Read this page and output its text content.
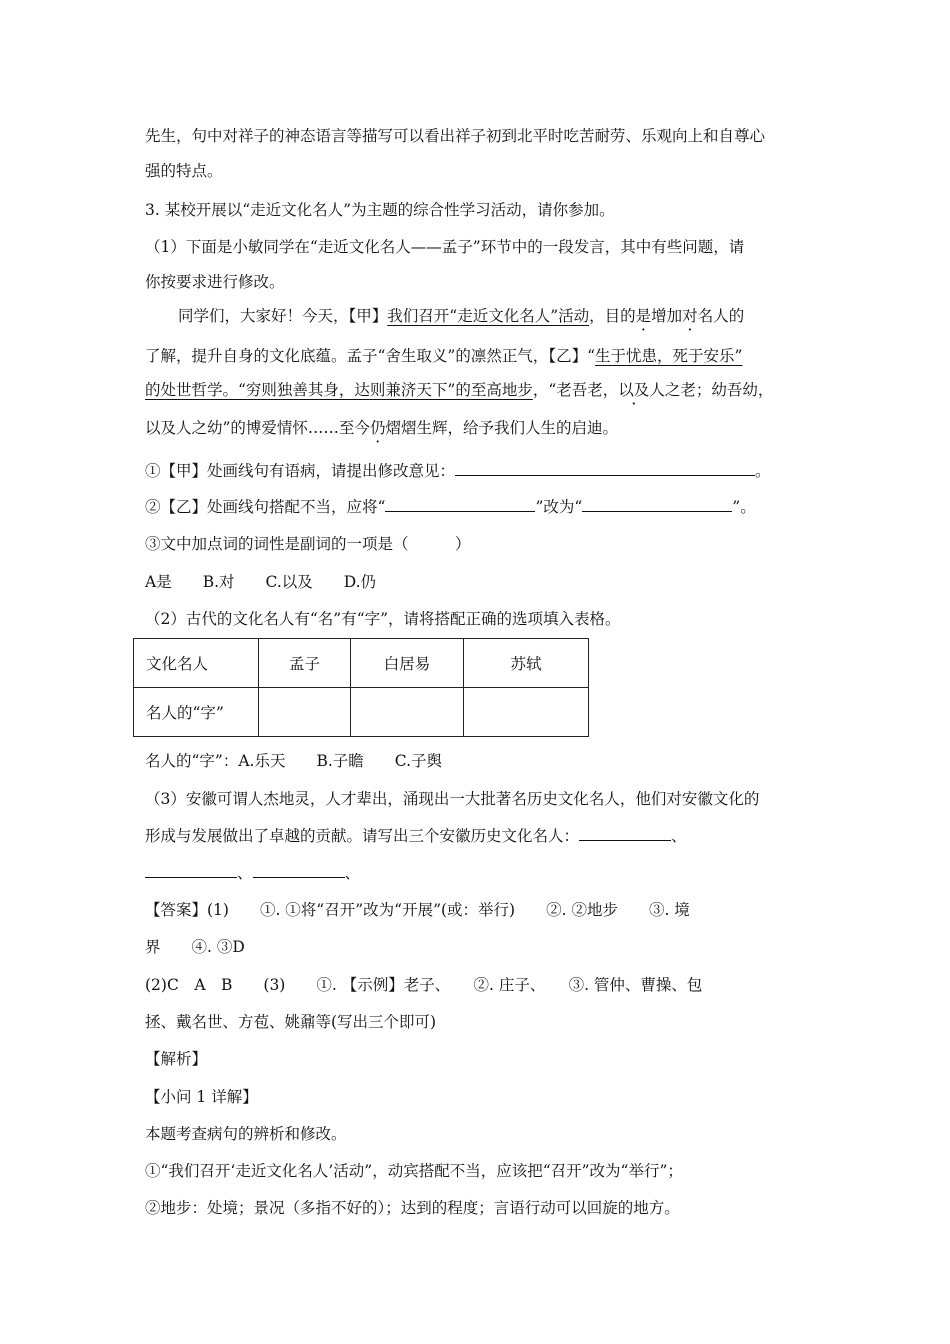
先生，句中对祥子的神态语言等描写可以看出祥子初到北平时吃苦耐劳、乐观向上和自尊心
强的特点。
3. 某校开展以“走近文化名人”为主题的综合性学习活动，请你参加。
（1）下面是小敏同学在“走近文化名人——孟子”环节中的一段发言，其中有些问题，请
你按要求进行修改。
同学们，大家好！今天，【甲】我们召开“走近文化名人”活动，目的是增加对名人的
了解，提升自身的文化底蕴。孟子“舍生取义”的凛然正气，【乙】“生于忧患，死于安乐”
的处世哲学。“穷则独善其身，达则兼济天下”的至高地步，“老吾老，以及人之老；幼吾幼，
以及人之幼”的博爱情怀……至今仍熠熠生辉，给予我们人生的启迪。
①【甲】处画线句有语病，请提出修改意见：	。
②【乙】处画线句搭配不当，应将“	”改为“	”。
③文中加点词的词性是副词的一项是（　　　）
A是　　B.对　　C.以及　　D.仍
（2）古代的文化名人有“名”有“字”，请将搭配正确的选项填入表格。
文化名人	孟子	白居易	苏轼
名人的“字”			
名人的“字”：A.乐天　　B.子瞻　　C.子舆
（3）安徽可谓人杰地灵，人才辈出，涌现出一大批著名历史文化名人，他们对安徽文化的
形成与发展做出了卓越的贡献。请写出三个安徽历史文化名人：	、
、	、
【答案】(1)　　①. ①将“召开”改为“开展”(或：举行)　　②. ②地步　　③. 境
界　　④. ③D
(2)C　A　B　　(3)　　①. 【示例】老子、　　②. 庄子、　　③. 管仲、曹操、包
拯、戴名世、方苞、姚鼐等(写出三个即可)
【解析】
【小问 1 详解】
本题考查病句的辨析和修改。
①“我们召开‘走近文化名人’活动”，动宾搭配不当，应该把“召开”改为“举行”；
②地步：处境；景况（多指不好的）；达到的程度；言语行动可以回旋的地方。
